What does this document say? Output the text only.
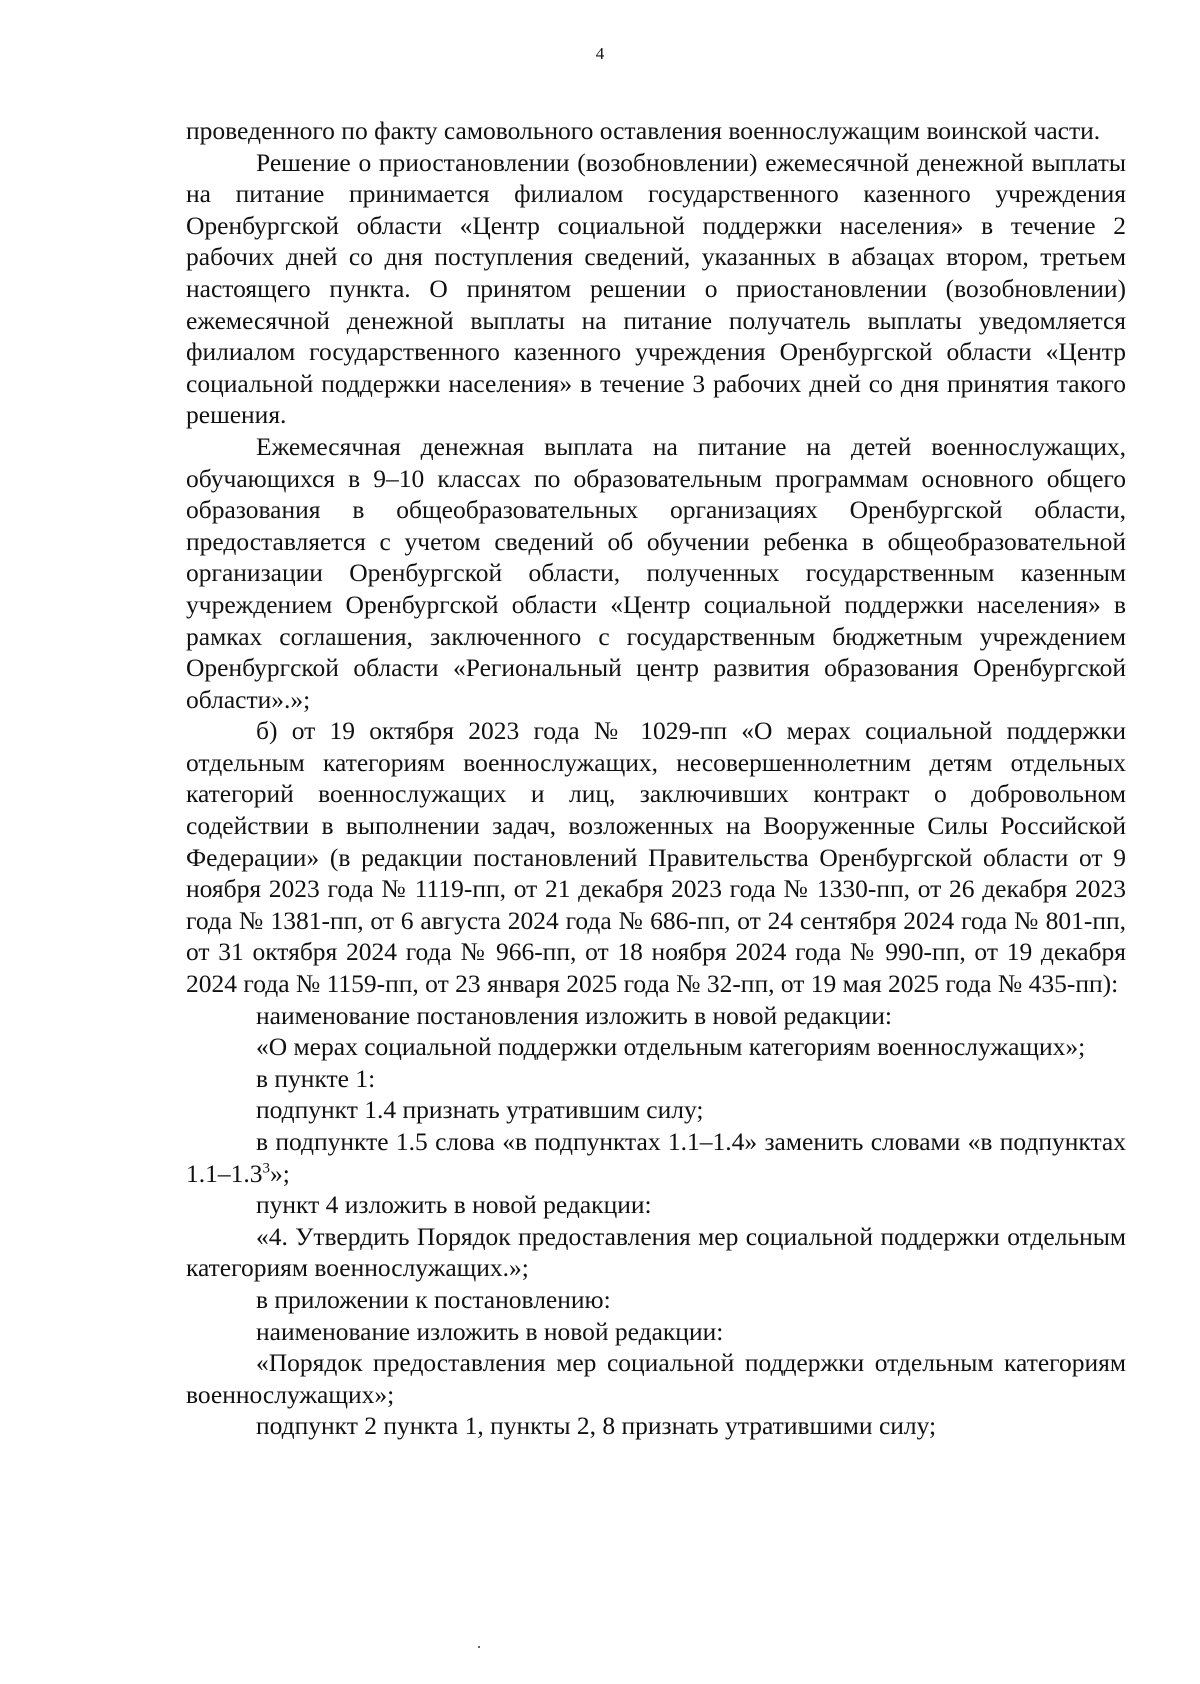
4

проведенного по факту самовольного оставления военнослужащим воинской части.

Решение о приостановлении (возобновлении) ежемесячной денежной выплаты на питание принимается филиалом государственного казенного учреждения Оренбургской области «Центр социальной поддержки населения» в течение 2 рабочих дней со дня поступления сведений, указанных в абзацах втором, третьем настоящего пункта. О принятом решении о приостановлении (возобновлении) ежемесячной денежной выплаты на питание получатель выплаты уведомляется филиалом государственного казенного учреждения Оренбургской области «Центр социальной поддержки населения» в течение 3 рабочих дней со дня принятия такого решения.

Ежемесячная денежная выплата на питание на детей военнослужащих, обучающихся в 9–10 классах по образовательным программам основного общего образования в общеобразовательных организациях Оренбургской области, предоставляется с учетом сведений об обучении ребенка в общеобразовательной организации Оренбургской области, полученных государственным казенным учреждением Оренбургской области «Центр социальной поддержки населения» в рамках соглашения, заключенного с государственным бюджетным учреждением Оренбургской области «Региональный центр развития образования Оренбургской области».»;

б) от 19 октября 2023 года № 1029-пп «О мерах социальной поддержки отдельным категориям военнослужащих, несовершеннолетним детям отдельных категорий военнослужащих и лиц, заключивших контракт о добровольном содействии в выполнении задач, возложенных на Вооруженные Силы Российской Федерации» (в редакции постановлений Правительства Оренбургской области от 9 ноября 2023 года № 1119-пп, от 21 декабря 2023 года № 1330-пп, от 26 декабря 2023 года № 1381-пп, от 6 августа 2024 года № 686-пп, от 24 сентября 2024 года № 801-пп, от 31 октября 2024 года № 966-пп, от 18 ноября 2024 года № 990-пп, от 19 декабря 2024 года № 1159-пп, от 23 января 2025 года № 32-пп, от 19 мая 2025 года № 435-пп):

наименование постановления изложить в новой редакции:

«О мерах социальной поддержки отдельным категориям военнослужащих»;

в пункте 1:

подпункт 1.4 признать утратившим силу;

в подпункте 1.5 слова «в подпунктах 1.1–1.4» заменить словами «в подпунктах $1.1-1.3^3$»;

пункт 4 изложить в новой редакции:

«4. Утвердить Порядок предоставления мер социальной поддержки отдельным категориям военнослужащих.»;

в приложении к постановлению:

наименование изложить в новой редакции:

«Порядок предоставления мер социальной поддержки отдельным категориям военнослужащих»;

подпункт 2 пункта 1, пункты 2, 8 признать утратившими силу;
